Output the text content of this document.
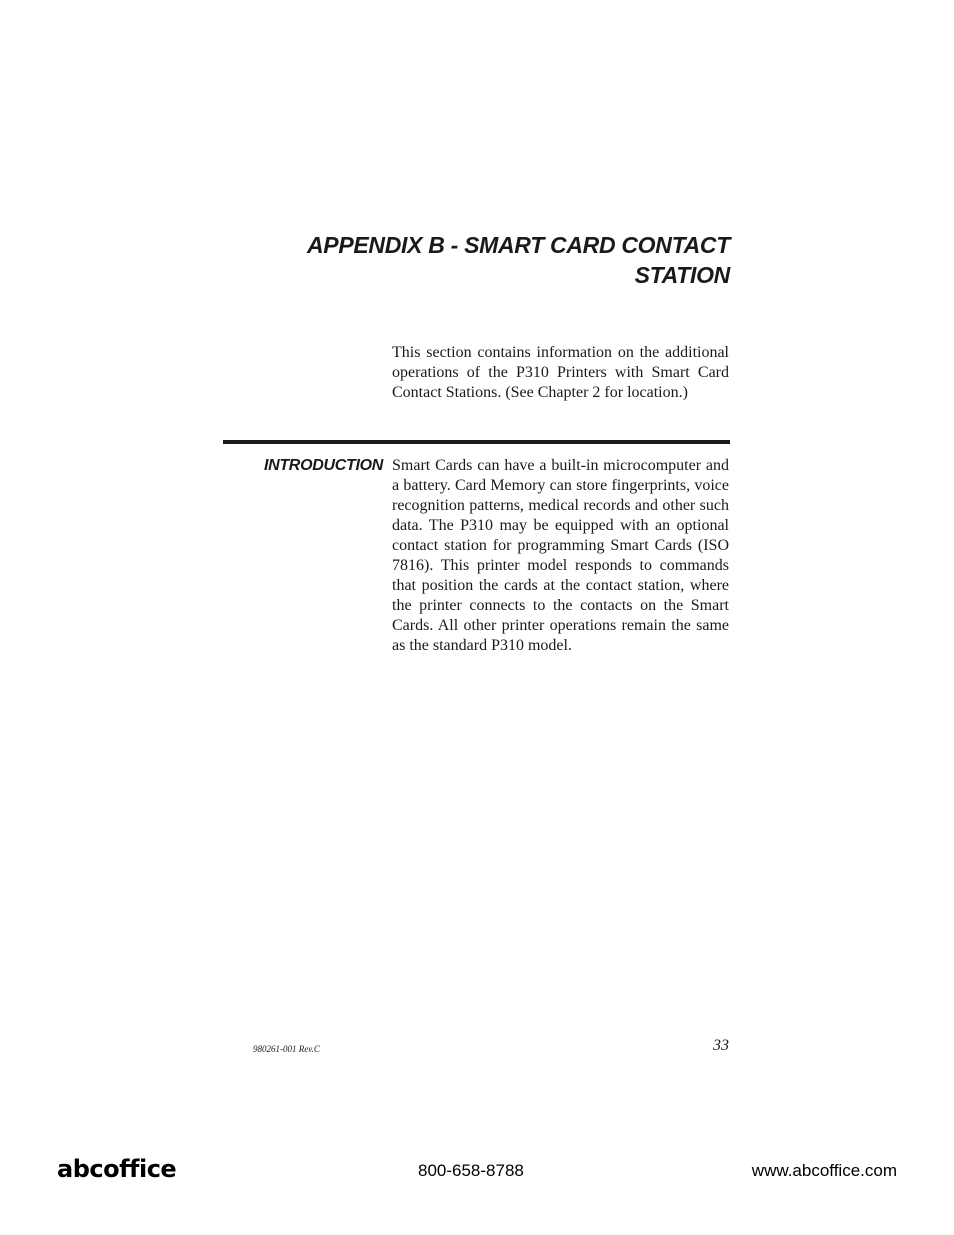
APPENDIX B - SMART CARD CONTACT
STATION

This section contains information on the additional operations of the P310 Printers with Smart Card Contact Stations. (See Chapter 2 for location.)

INTRODUCTION Smart Cards can have a built-in microcomputer and a battery. Card Memory can store fingerprints, voice recognition patterns, medical records and other such data. The P310 may be equipped with an optional contact station for programming Smart Cards (ISO 7816). This printer model responds to commands that position the cards at the contact station, where the printer connects to the contacts on the Smart Cards. All other printer operations remain the same as the standard P310 model.

980261-001 Rev.C	33
abcoffice	800-658-8788	www.abcoffice.com
